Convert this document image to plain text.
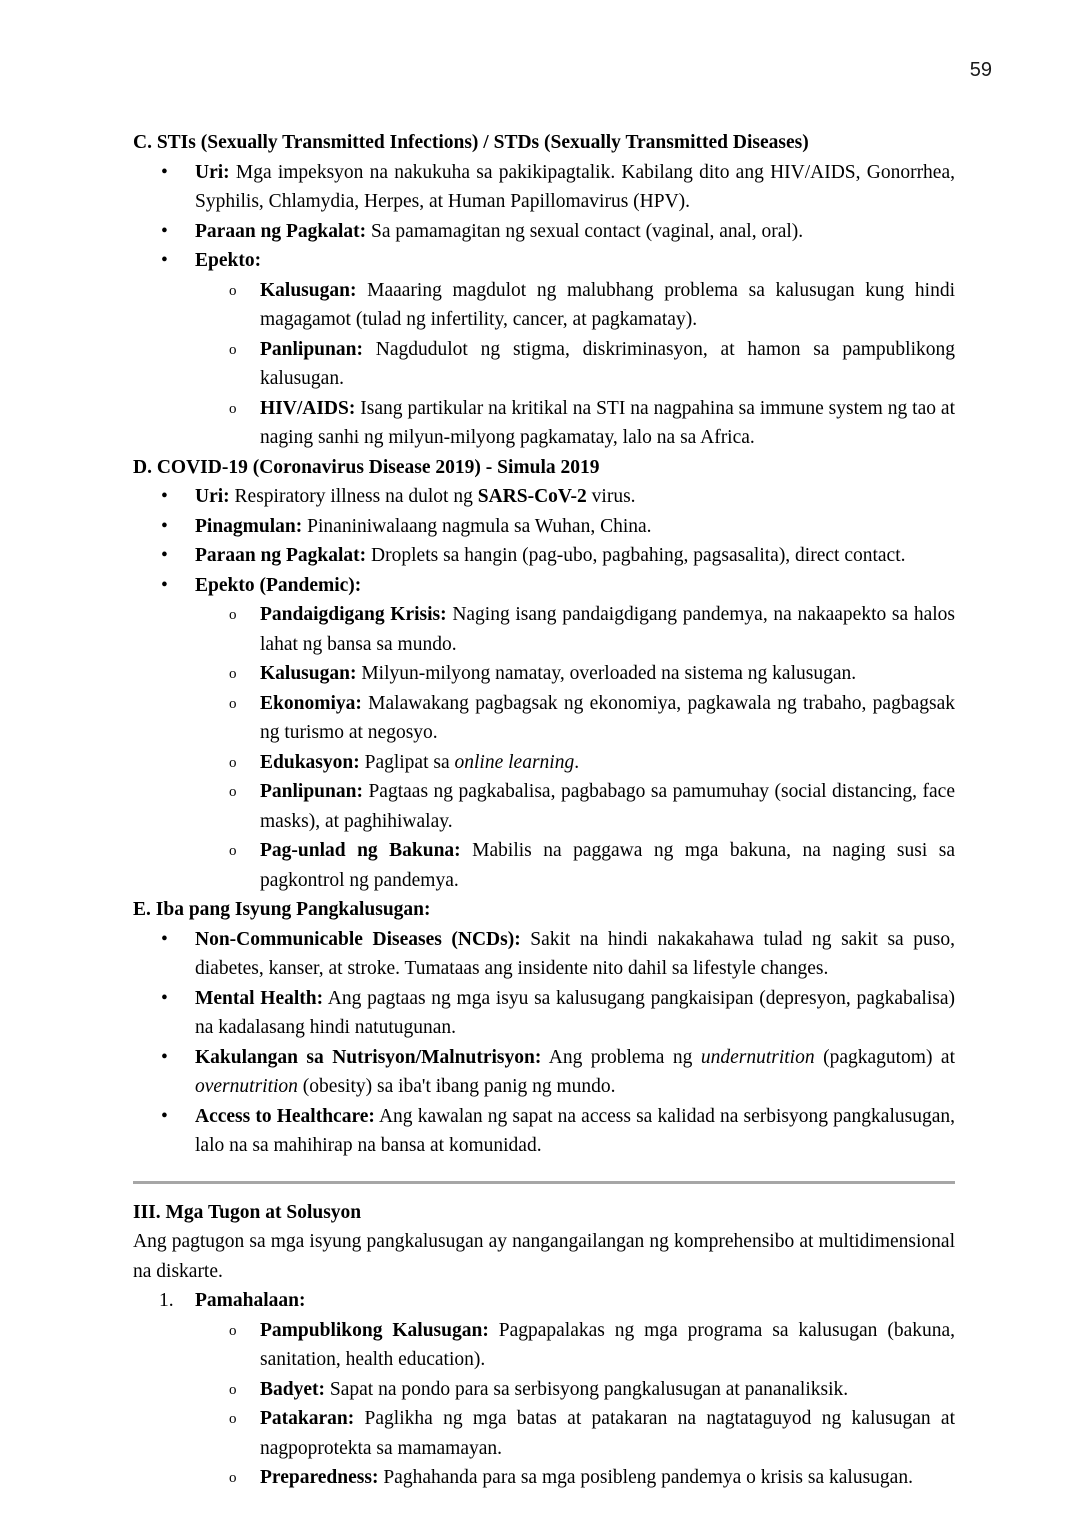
59
C. STIs (Sexually Transmitted Infections) / STDs (Sexually Transmitted Diseases)
•	Uri: Mga impeksyon na nakukuha sa pakikipagtalik. Kabilang dito ang HIV/AIDS, Gonorrhea, Syphilis, Chlamydia, Herpes, at Human Papillomavirus (HPV).
•	Paraan ng Pagkalat: Sa pamamagitan ng sexual contact (vaginal, anal, oral).
•	Epekto:
o	Kalusugan: Maaaring magdulot ng malubhang problema sa kalusugan kung hindi magagamot (tulad ng infertility, cancer, at pagkamatay).
o	Panlipunan: Nagdudulot ng stigma, diskriminasyon, at hamon sa pampublikong kalusugan.
o	HIV/AIDS: Isang partikular na kritikal na STI na nagpahina sa immune system ng tao at naging sanhi ng milyun-milyong pagkamatay, lalo na sa Africa.
D. COVID-19 (Coronavirus Disease 2019) - Simula 2019
•	Uri: Respiratory illness na dulot ng SARS-CoV-2 virus.
•	Pinagmulan: Pinaniniwalaang nagmula sa Wuhan, China.
•	Paraan ng Pagkalat: Droplets sa hangin (pag-ubo, pagbahing, pagsasalita), direct contact.
•	Epekto (Pandemic):
o	Pandaigdigang Krisis: Naging isang pandaigdigang pandemya, na nakaapekto sa halos lahat ng bansa sa mundo.
o	Kalusugan: Milyun-milyong namatay, overloaded na sistema ng kalusugan.
o	Ekonomiya: Malawakang pagbagsak ng ekonomiya, pagkawala ng trabaho, pagbagsak ng turismo at negosyo.
o	Edukasyon: Paglipat sa online learning.
o	Panlipunan: Pagtaas ng pagkabalisa, pagbabago sa pamumuhay (social distancing, face masks), at paghihiwalay.
o	Pag-unlad ng Bakuna: Mabilis na paggawa ng mga bakuna, na naging susi sa pagkontrol ng pandemya.
E. Iba pang Isyung Pangkalusugan:
•	Non-Communicable Diseases (NCDs): Sakit na hindi nakakahawa tulad ng sakit sa puso, diabetes, kanser, at stroke. Tumataas ang insidente nito dahil sa lifestyle changes.
•	Mental Health: Ang pagtaas ng mga isyu sa kalusugang pangkaisipan (depresyon, pagkabalisa) na kadalasang hindi natutugunan.
•	Kakulangan sa Nutrisyon/Malnutrisyon: Ang problema ng undernutrition (pagkagutom) at overnutrition (obesity) sa iba't ibang panig ng mundo.
•	Access to Healthcare: Ang kawalan ng sapat na access sa kalidad na serbisyong pangkalusugan, lalo na sa mahihirap na bansa at komunidad.
III. Mga Tugon at Solusyon
Ang pagtugon sa mga isyung pangkalusugan ay nangangailangan ng komprehensibo at multidimensional na diskarte.
1.	Pamahalaan:
o	Pampublikong Kalusugan: Pagpapalakas ng mga programa sa kalusugan (bakuna, sanitation, health education).
o	Badyet: Sapat na pondo para sa serbisyong pangkalusugan at pananaliksik.
o	Patakaran: Paglikha ng mga batas at patakaran na nagtataguyod ng kalusugan at nagpoprotekta sa mamamayan.
o	Preparedness: Paghahanda para sa mga posibleng pandemya o krisis sa kalusugan.
